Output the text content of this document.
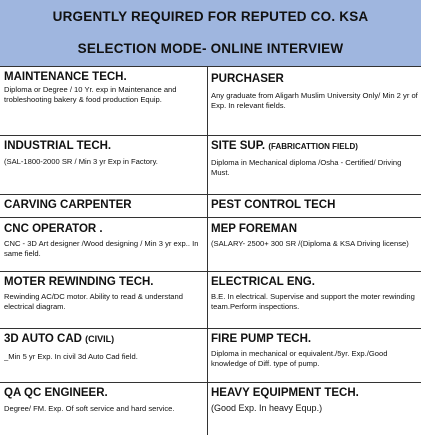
URGENTLY REQUIRED FOR REPUTED CO. KSA
SELECTION MODE- ONLINE INTERVIEW
MAINTENANCE TECH.
Diploma or Degree / 10 Yr. exp in Maintenance and trobleshooting bakery & food production Equip.
PURCHASER
Any graduate from Aligarh Muslim University Only/ Min 2 yr of Exp. In relevant fields.
INDUSTRIAL TECH.
(SAL-1800-2000 SR / Min 3 yr Exp in Factory.
SITE SUP. (FABRICATTION FIELD)
Diploma in Mechanical diploma /Osha - Certified/ Driving Must.
CARVING CARPENTER	PEST CONTROL TECH
CNC OPERATOR .
CNC - 3D Art designer /Wood designing / Min 3 yr exp.. In same field.
MEP FOREMAN
(SALARY- 2500+ 300 SR /(Diploma & KSA Driving license)
MOTER REWINDING TECH.
Rewinding AC/DC motor. Ability to read & understand electrical diagram.
ELECTRICAL ENG.
B.E. In electrical. Supervise and support the moter rewinding team.Perform inspections.
3D AUTO CAD (CIVIL)
_Min 5 yr Exp. In civil 3d Auto Cad field.
FIRE PUMP TECH.
Diploma in mechanical or equivalent./5yr. Exp./Good knowledge of Diff. type of pump.
QA QC ENGINEER.
Degree/ FM. Exp. Of soft service and hard service.
HEAVY EQUIPMENT TECH.
(Good Exp. In heavy Equp.)
